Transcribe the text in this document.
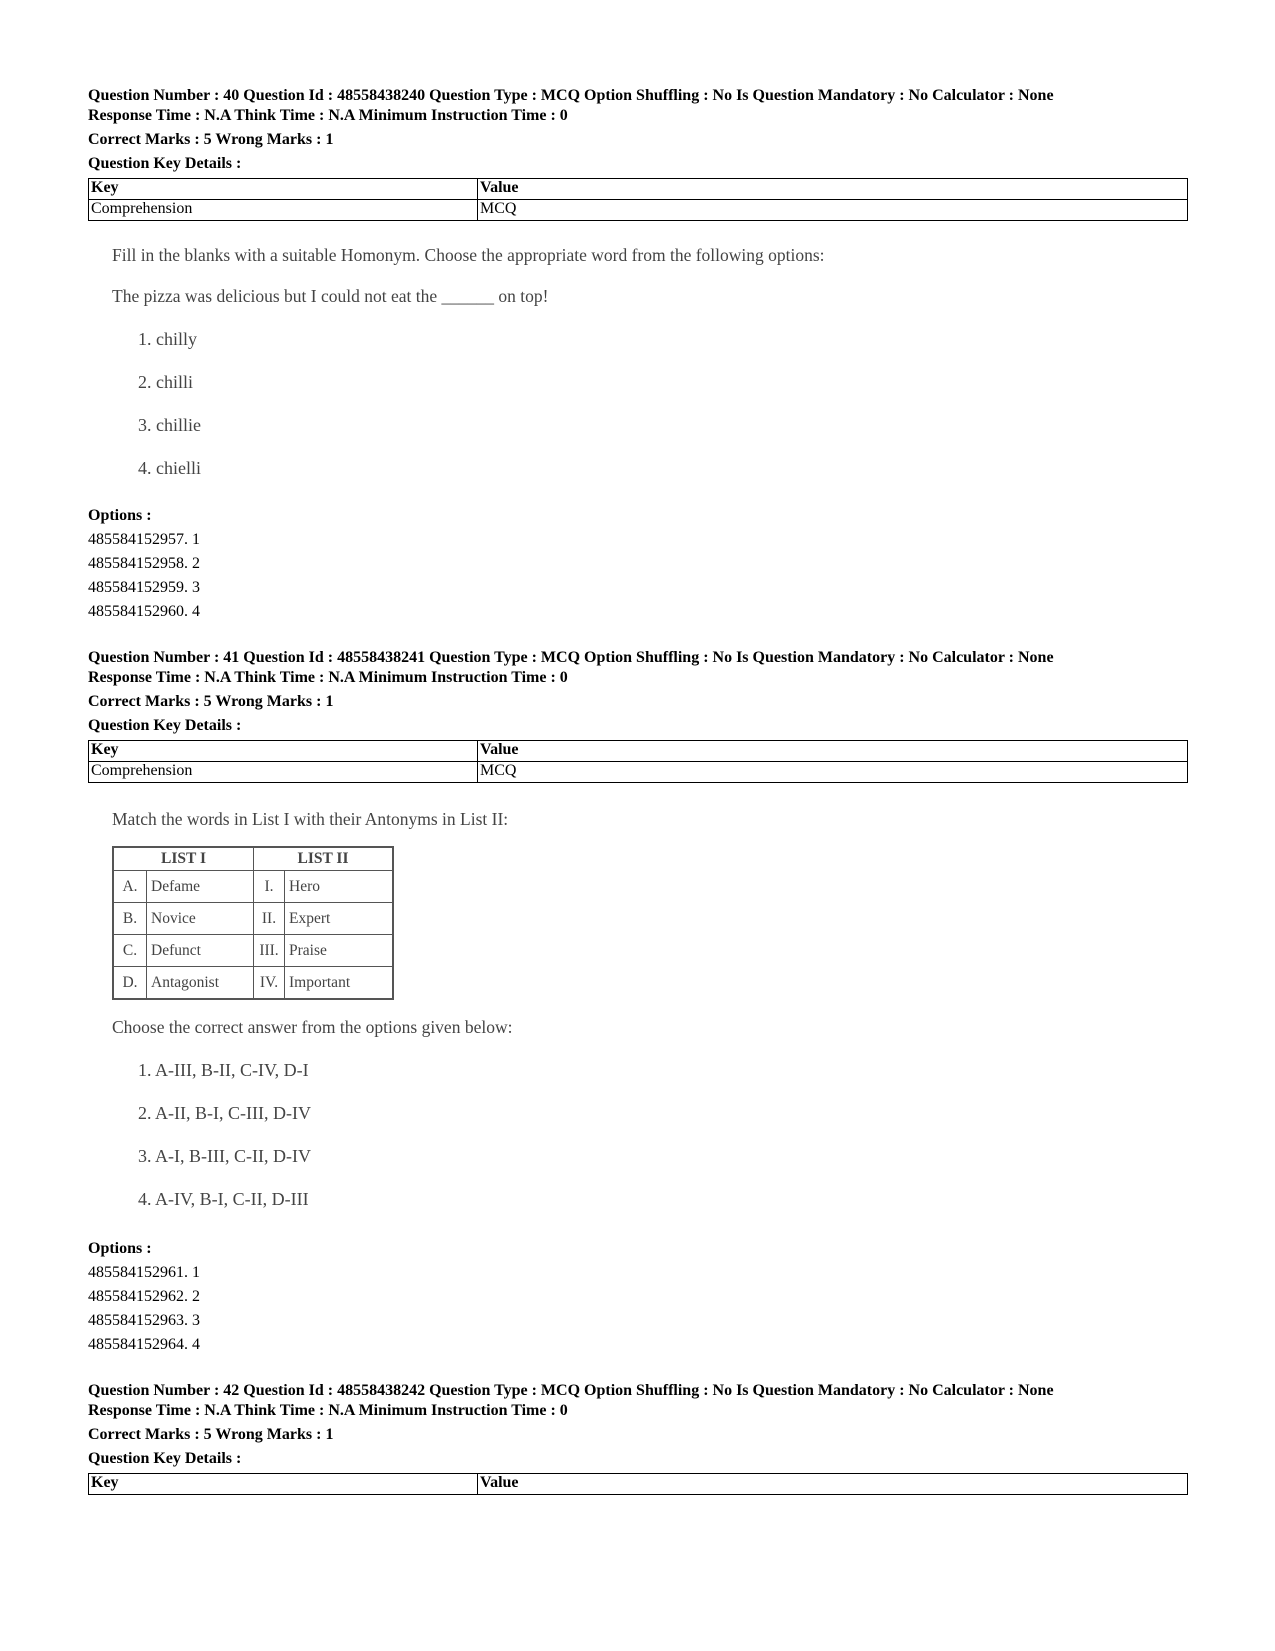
Question Number : 40 Question Id : 48558438240 Question Type : MCQ Option Shuffling : No Is Question Mandatory : No Calculator : None
Response Time : N.A Think Time : N.A Minimum Instruction Time : 0
Correct Marks : 5 Wrong Marks : 1
Question Key Details :
Key	Value
Comprehension	MCQ
Fill in the blanks with a suitable Homonym. Choose the appropriate word from the following options:
The pizza was delicious but I could not eat the ______ on top!
1. chilly
2. chilli
3. chillie
4. chielli
Options :
485584152957. 1
485584152958. 2
485584152959. 3
485584152960. 4
Question Number : 41 Question Id : 48558438241 Question Type : MCQ Option Shuffling : No Is Question Mandatory : No Calculator : None
Response Time : N.A Think Time : N.A Minimum Instruction Time : 0
Correct Marks : 5 Wrong Marks : 1
Question Key Details :
Key	Value
Comprehension	MCQ
Match the words in List I with their Antonyms in List II:
LIST I		LIST II	
A.	Defame	I.	Hero
B.	Novice	II.	Expert
C.	Defunct	III.	Praise
D.	Antagonist	IV.	Important
Choose the correct answer from the options given below:
1. A-III, B-II, C-IV, D-I
2. A-II, B-I, C-III, D-IV
3. A-I, B-III, C-II, D-IV
4. A-IV, B-I, C-II, D-III
Options :
485584152961. 1
485584152962. 2
485584152963. 3
485584152964. 4
Question Number : 42 Question Id : 48558438242 Question Type : MCQ Option Shuffling : No Is Question Mandatory : No Calculator : None
Response Time : N.A Think Time : N.A Minimum Instruction Time : 0
Correct Marks : 5 Wrong Marks : 1
Question Key Details :
Key	Value
